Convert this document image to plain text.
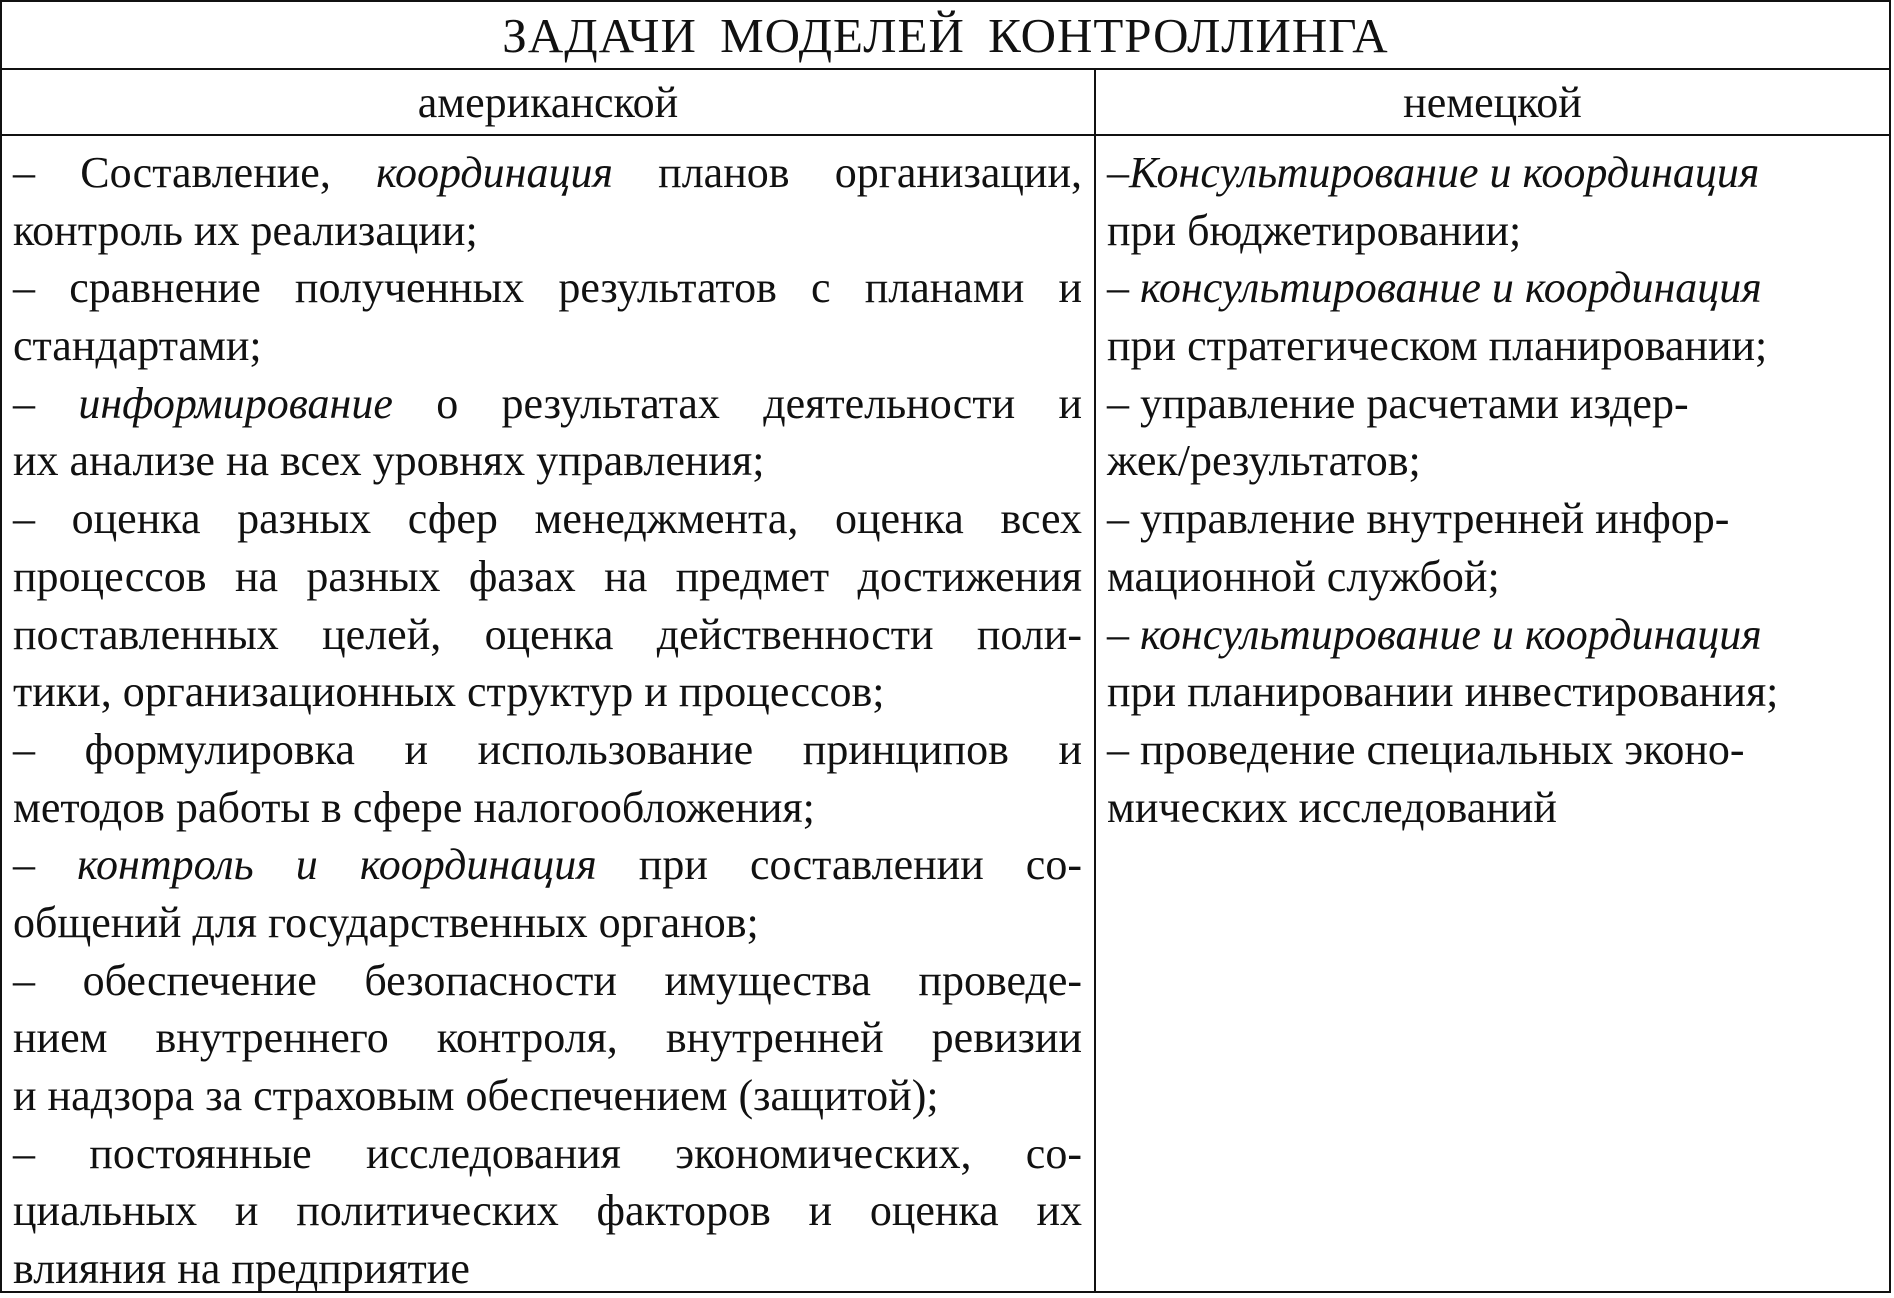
ЗАДАЧИ МОДЕЛЕЙ КОНТРОЛЛИНГА
американской	немецкой
– Составление, координация планов организации,
контроль их реализации;
– сравнение полученных результатов с планами и
стандартами;
– информирование о результатах деятельности и
их анализе на всех уровнях управления;
– оценка разных сфер менеджмента, оценка всех
процессов на разных фазах на предмет достижения
поставленных целей, оценка действенности поли-
тики, организационных структур и процессов;
– формулировка и использование принципов и
методов работы в сфере налогообложения;
– контроль и координация при составлении со-
общений для государственных органов;
– обеспечение безопасности имущества проведе-
нием внутреннего контроля, внутренней ревизии
и надзора за страховым обеспечением (защитой);
– постоянные исследования экономических, со-
циальных и политических факторов и оценка их
влияния на предприятие
–Консультирование и координация
при бюджетировании;
– консультирование и координация
при стратегическом планировании;
– управление расчетами издер-
жек/результатов;
– управление внутренней инфор-
мационной службой;
– консультирование и координация
при планировании инвестирования;
– проведение специальных эконо-
мических исследований
